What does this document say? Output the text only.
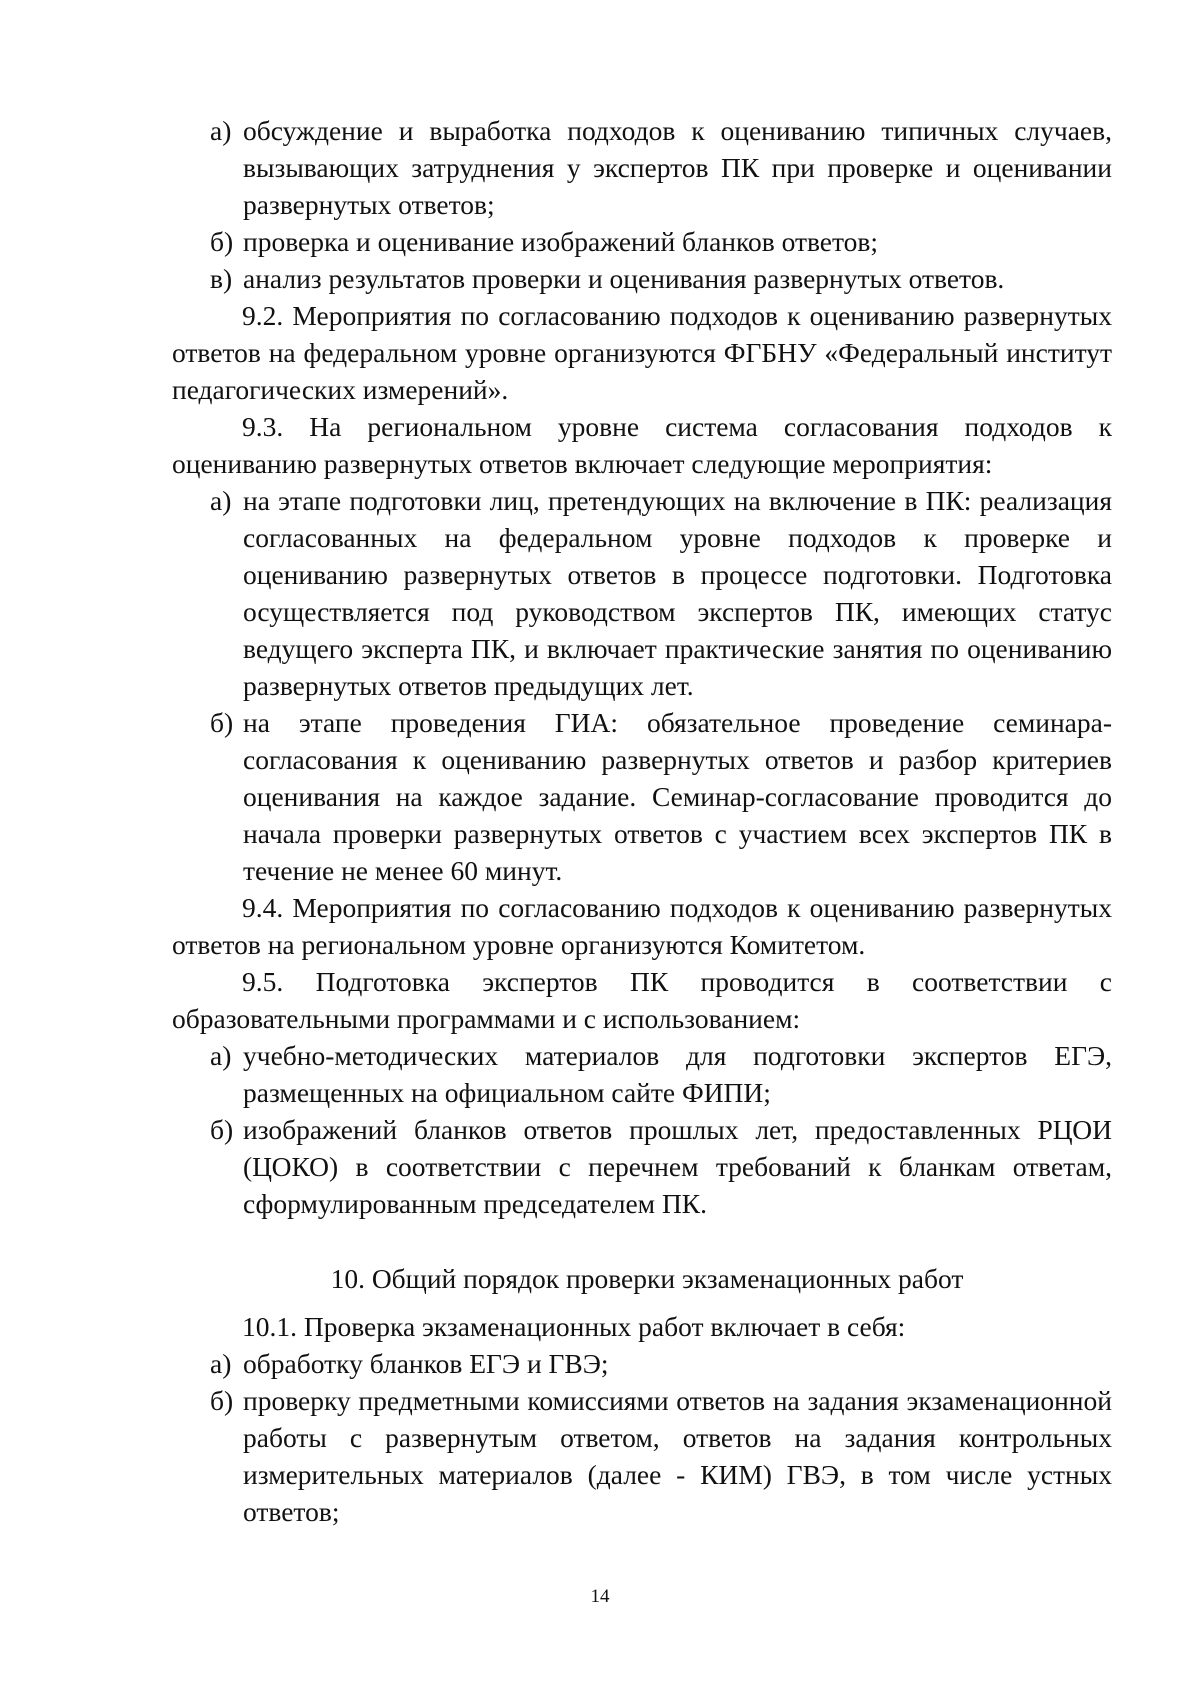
а) обсуждение и выработка подходов к оцениванию типичных случаев, вызывающих затруднения у экспертов ПК при проверке и оценивании развернутых ответов;
б) проверка и оценивание изображений бланков ответов;
в) анализ результатов проверки и оценивания развернутых ответов.
9.2. Мероприятия по согласованию подходов к оцениванию развернутых ответов на федеральном уровне организуются ФГБНУ «Федеральный институт педагогических измерений».
9.3. На региональном уровне система согласования подходов к оцениванию развернутых ответов включает следующие мероприятия:
а) на этапе подготовки лиц, претендующих на включение в ПК: реализация согласованных на федеральном уровне подходов к проверке и оцениванию развернутых ответов в процессе подготовки. Подготовка осуществляется под руководством экспертов ПК, имеющих статус ведущего эксперта ПК, и включает практические занятия по оцениванию развернутых ответов предыдущих лет.
б) на этапе проведения ГИА: обязательное проведение семинара-согласования к оцениванию развернутых ответов и разбор критериев оценивания на каждое задание. Семинар-согласование проводится до начала проверки развернутых ответов с участием всех экспертов ПК в течение не менее 60 минут.
9.4. Мероприятия по согласованию подходов к оцениванию развернутых ответов на региональном уровне организуются Комитетом.
9.5. Подготовка экспертов ПК проводится в соответствии с образовательными программами и с использованием:
а) учебно-методических материалов для подготовки экспертов ЕГЭ, размещенных на официальном сайте ФИПИ;
б) изображений бланков ответов прошлых лет, предоставленных РЦОИ (ЦОКО) в соответствии с перечнем требований к бланкам ответам, сформулированным председателем ПК.
10. Общий порядок проверки экзаменационных работ
10.1. Проверка экзаменационных работ включает в себя:
а) обработку бланков ЕГЭ и ГВЭ;
б) проверку предметными комиссиями ответов на задания экзаменационной работы с развернутым ответом, ответов на задания контрольных измерительных материалов (далее - КИМ) ГВЭ, в том числе устных ответов;
14
